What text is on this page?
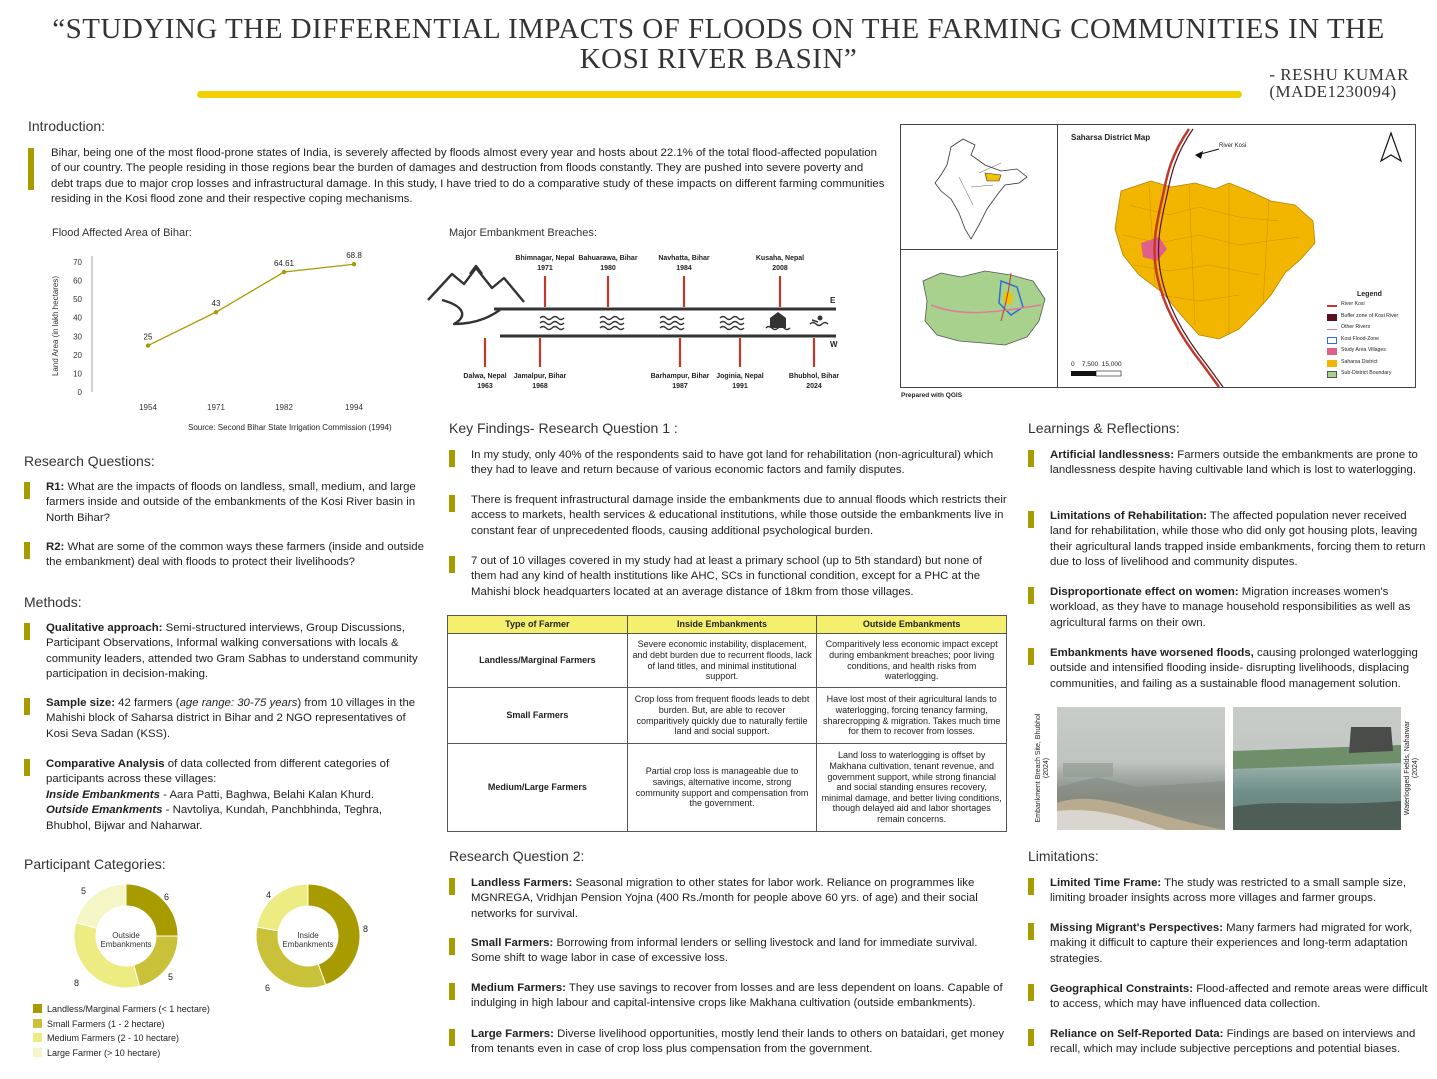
“STUDYING THE DIFFERENTIAL IMPACTS OF FLOODS ON THE FARMING COMMUNITIES IN THE KOSI RIVER BASIN”	- RESHU KUMAR
(MADE1230094)
Introduction:
Bihar, being one of the most flood-prone states of India, is severely affected by floods almost every year and hosts about 22.1% of the total flood-affected population of our country. The people residing in those regions bear the burden of damages and destruction from floods constantly. They are pushed into severe poverty and debt traps due to major crop losses and infrastructural damage. In this study, I have tried to do a comparative study of these impacts on different farming communities residing in the Kosi flood zone and their respective coping mechanisms.
Flood Affected Area of Bihar:
0
10
20
30
40
50
60
70
1954	1971	1982	1994
25
43
64.61
68.8
Land Area (in lakh hectares)
Source: Second Bihar State Irrigation Commission (1994)
Major Embankment Breaches:
E
W
Bhimnagar, Nepal
1971
Bahuarawa, Bihar
1980
Navhatta, Bihar
1984
Kusaha, Nepal
2008
Dalwa, Nepal
1963
Jamalpur, Bihar
1968
Barhampur, Bihar
1987
Joginia, Nepal
1991
Bhubhol, Bihar
2024
Saharsa District Map
River Kosi
0 7,500 15,000
Legend
River Kosi
Buffer zone of Kosi River
Other Rivers
Kosi Flood-Zone
Study Area Villages
Saharsa District
Sub-District Boundary
Prepared with QGIS
Research Questions:
R1: What are the impacts of floods on landless, small, medium, and large farmers inside and outside of the embankments of the Kosi River basin in North Bihar?
R2: What are some of the common ways these farmers (inside and outside the embankment) deal with floods to protect their livelihoods?
Methods:
Qualitative approach: Semi-structured interviews, Group Discussions, Participant Observations, Informal walking conversations with locals & community leaders, attended two Gram Sabhas to understand community participation in decision-making.
Sample size: 42 farmers (age range: 30-75 years) from 10 villages in the Mahishi block of Saharsa district in Bihar and 2 NGO representatives of Kosi Seva Sadan (KSS).
Comparative Analysis of data collected from different categories of participants across these villages:
Inside Embankments - Aara Patti, Baghwa, Belahi Kalan Khurd.
Outside Emankments - Navtoliya, Kundah, Panchbhinda, Teghra, Bhubhol, Bijwar and Naharwar.
Participant Categories:
Outside
Embankments
Inside
Embankments
6
5
8
5
8
6
4
Key Findings- Research Question 1 :
In my study, only 40% of the respondents said to have got land for rehabilitation (non-agricultural) which they had to leave and return because of various economic factors and family disputes.
There is frequent infrastructural damage inside the embankments due to annual floods which restricts their access to markets, health services & educational institutions, while those outside the embankments live in constant fear of unprecedented floods, causing additional psychological burden.
7 out of 10 villages covered in my study had at least a primary school (up to 5th standard) but none of them had any kind of health institutions like AHC, SCs in functional condition, except for a PHC at the Mahishi block headquarters located at an average distance of 18km from those villages.
Type of Farmer	Inside Embankments	Outside Embankments
Landless/Marginal Farmers	Severe economic instability, displacement, and debt burden due to recurrent floods, lack of land titles, and minimal institutional support.	Comparitively less economic impact except during embankment breaches; poor living conditions, and health risks from waterlogging.
Small Farmers	Crop loss from frequent floods leads to debt burden. But, are able to recover comparitively quickly due to naturally fertile land and social support.	Have lost most of their agricultural lands to waterlogging, forcing tenancy farming, sharecropping & migration. Takes much time for them to recover from losses.
Medium/Large Farmers	Partial crop loss is manageable due to savings, alternative income, strong community support and compensation from the government.	Land loss to waterlogging is offset by Makhana cultivation, tenant revenue, and government support, while strong financial and social standing ensures recovery, minimal damage, and better living conditions, though delayed aid and labor shortages remain concerns.
Research Question 2:
Landless Farmers: Seasonal migration to other states for labor work. Reliance on programmes like MGNREGA, Vridhjan Pension Yojna (400 Rs./month for people above 60 yrs. of age) and their social networks for survival.
Small Farmers: Borrowing from informal lenders or selling livestock and land for immediate survival. Some shift to wage labor in case of excessive loss.
Medium Farmers: They use savings to recover from losses and are less dependent on loans. Capable of indulging in high labour and capital-intensive crops like Makhana cultivation (outside embankments).
Large Farmers: Diverse livelihood opportunities, mostly lend their lands to others on bataidari, get money from tenants even in case of crop loss plus compensation from the government.
Learnings & Reflections:
Artificial landlessness: Farmers outside the embankments are prone to landlessness despite having cultivable land which is lost to waterlogging.
Limitations of Rehabilitation: The affected population never received land for rehabilitation, while those who did only got housing plots, leaving their agricultural lands trapped inside embankments, forcing them to return due to loss of livelihood and community disputes.
Disproportionate effect on women: Migration increases women's workload, as they have to manage household responsibilities as well as agricultural farms on their own.
Embankments have worsened floods, causing prolonged waterlogging outside and intensified flooding inside- disrupting livelihoods, displacing communities, and failing as a sustainable flood management solution.
Embankment Breach Site, Bhubhol (2024)	Waterlogged Fields, Naharwar (2024)
Limitations:
Limited Time Frame: The study was restricted to a small sample size, limiting broader insights across more villages and farmer groups.
Missing Migrant's Perspectives: Many farmers had migrated for work, making it difficult to capture their experiences and long-term adaptation strategies.
Geographical Constraints: Flood-affected and remote areas were difficult to access, which may have influenced data collection.
Reliance on Self-Reported Data: Findings are based on interviews and recall, which may include subjective perceptions and potential biases.
Landless/Marginal Farmers (< 1 hectare)
Small Farmers (1 - 2 hectare)
Medium Farmers (2 - 10 hectare)
Large Farmer (> 10 hectare)
